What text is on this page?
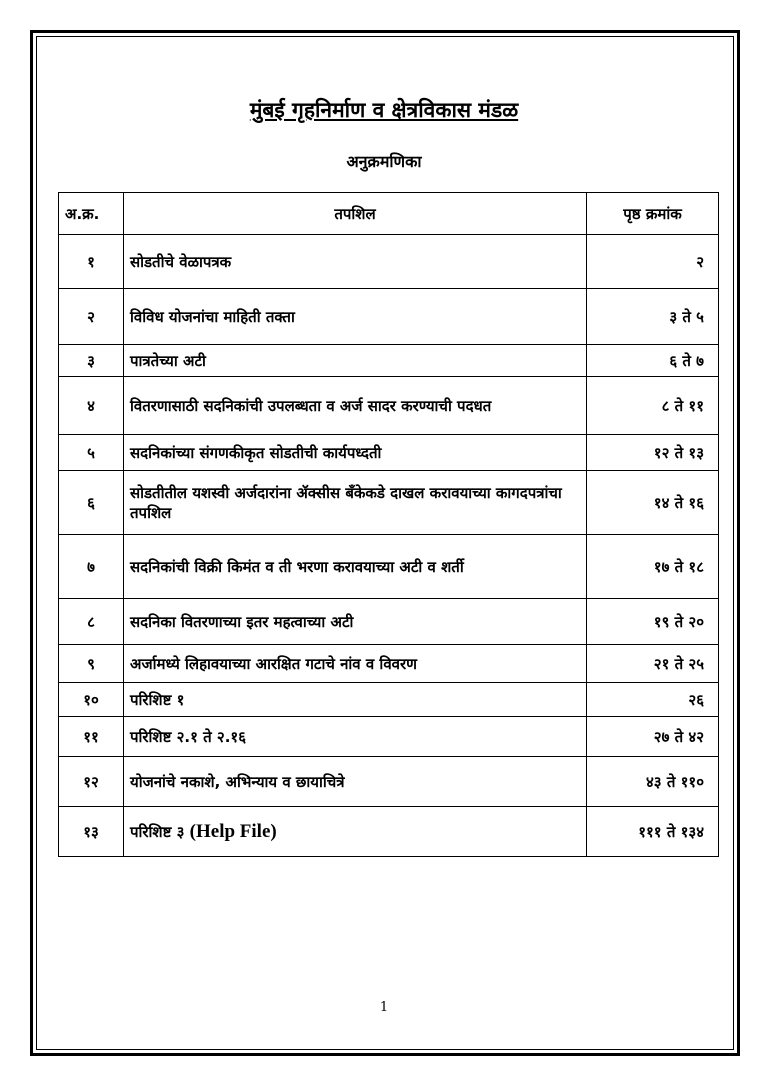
मुंबई गृहनिर्माण व क्षेत्रविकास मंडळ
अनुक्रमणिका
अ.क्र.	तपशिल	पृष्ठ क्रमांक
१	सोडतीचे वेळापत्रक	२
२	विविध योजनांचा माहिती तक्ता	३ ते ५
३	पात्रतेच्या अटी	६ ते ७
४	वितरणासाठी सदनिकांची उपलब्धता व अर्ज सादर करण्याची पदधत	८ ते ११
५	सदनिकांच्या संगणकीकृत सोडतीची कार्यपध्दती	१२ ते १३
६	सोडतीतील यशस्वी अर्जदारांना ॲक्सीस बँकेकडे दाखल करावयाच्या कागदपत्रांचा तपशिल	१४ ते १६
७	सदनिकांची विक्री किमंत व ती भरणा करावयाच्या अटी व शर्ती	१७ ते १८
८	सदनिका वितरणाच्या इतर महत्वाच्या अटी	१९ ते २०
९	अर्जामध्ये लिहावयाच्या आरक्षित गटाचे नांव व विवरण	२१ ते २५
१०	परिशिष्ट १	२६
११	परिशिष्ट २.१ ते २.१६	२७ ते ४२
१२	योजनांचे नकाशे, अभिन्याय व छायाचित्रे	४३ ते ११०
१३	परिशिष्ट ३ (Help File)	१११ ते १३४
1
